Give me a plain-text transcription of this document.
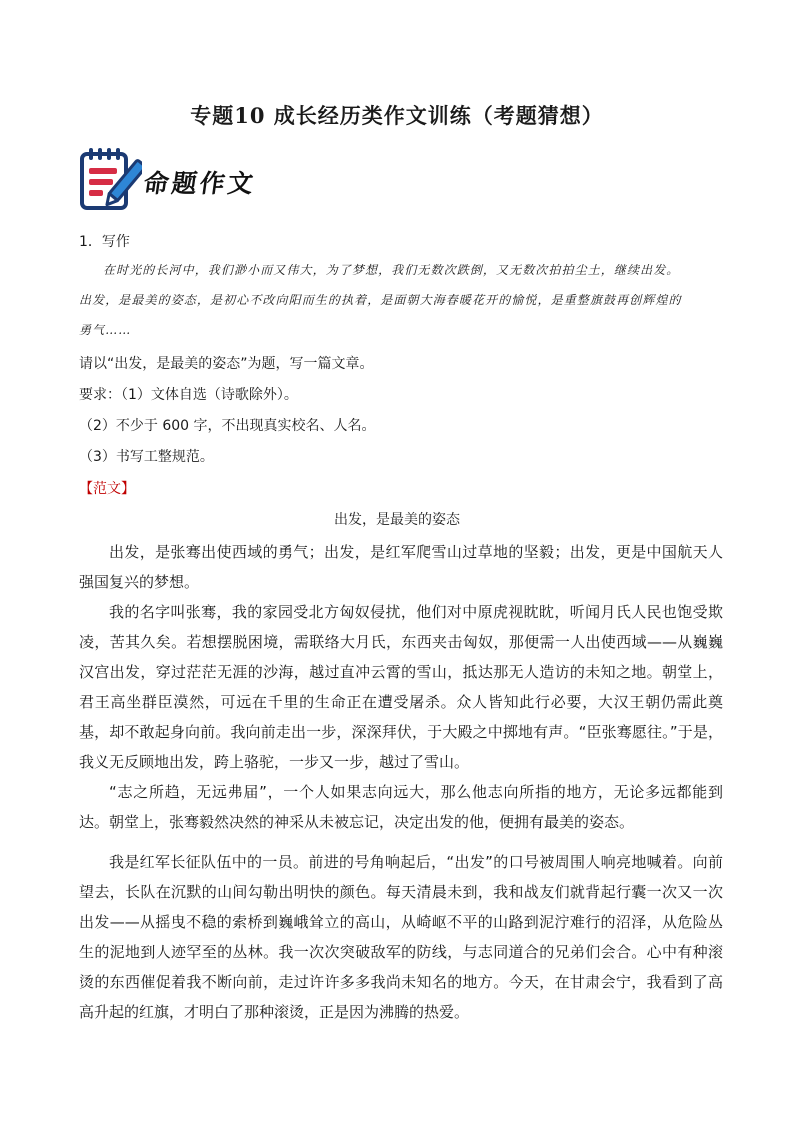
专题10 成长经历类作文训练（考题猜想）
命题作文
1．写作
在时光的长河中，我们渺小而又伟大，为了梦想，我们无数次跌倒，又无数次拍拍尘土，继续出发。
出发，是最美的姿态，是初心不改向阳而生的执着，是面朝大海春暖花开的愉悦，是重整旗鼓再创辉煌的
勇气……
请以“出发，是最美的姿态”为题，写一篇文章。
要求：（1）文体自选（诗歌除外）。
（2）不少于 600 字，不出现真实校名、人名。
（3）书写工整规范。
【范文】
出发，是最美的姿态

出发，是张骞出使西域的勇气；出发，是红军爬雪山过草地的坚毅；出发，更是中国航天人强国复兴的梦想。

我的名字叫张骞，我的家园受北方匈奴侵扰，他们对中原虎视眈眈，听闻月氏人民也饱受欺凌，苦其久矣。若想摆脱困境，需联络大月氏，东西夹击匈奴，那便需一人出使西域——从巍巍汉宫出发，穿过茫茫无涯的沙海，越过直冲云霄的雪山，抵达那无人造访的未知之地。朝堂上，君王高坐群臣漠然，可远在千里的生命正在遭受屠杀。众人皆知此行必要，大汉王朝仍需此奠基，却不敢起身向前。我向前走出一步，深深拜伏，于大殿之中掷地有声。“臣张骞愿往。”于是，我义无反顾地出发，跨上骆驼，一步又一步，越过了雪山。

“志之所趋，无远弗届”，一个人如果志向远大，那么他志向所指的地方，无论多远都能到达。朝堂上，张骞毅然决然的神采从未被忘记，决定出发的他，便拥有最美的姿态。

我是红军长征队伍中的一员。前进的号角响起后，“出发”的口号被周围人响亮地喊着。向前望去，长队在沉默的山间勾勒出明快的颜色。每天清晨未到，我和战友们就背起行囊一次又一次出发——从摇曳不稳的索桥到巍峨耸立的高山，从崎岖不平的山路到泥泞难行的沼泽，从危险丛生的泥地到人迹罕至的丛林。我一次次突破敌军的防线，与志同道合的兄弟们会合。心中有种滚烫的东西催促着我不断向前，走过许许多多我尚未知名的地方。今天，在甘肃会宁，我看到了高高升起的红旗，才明白了那种滚烫，正是因为沸腾的热爱。
